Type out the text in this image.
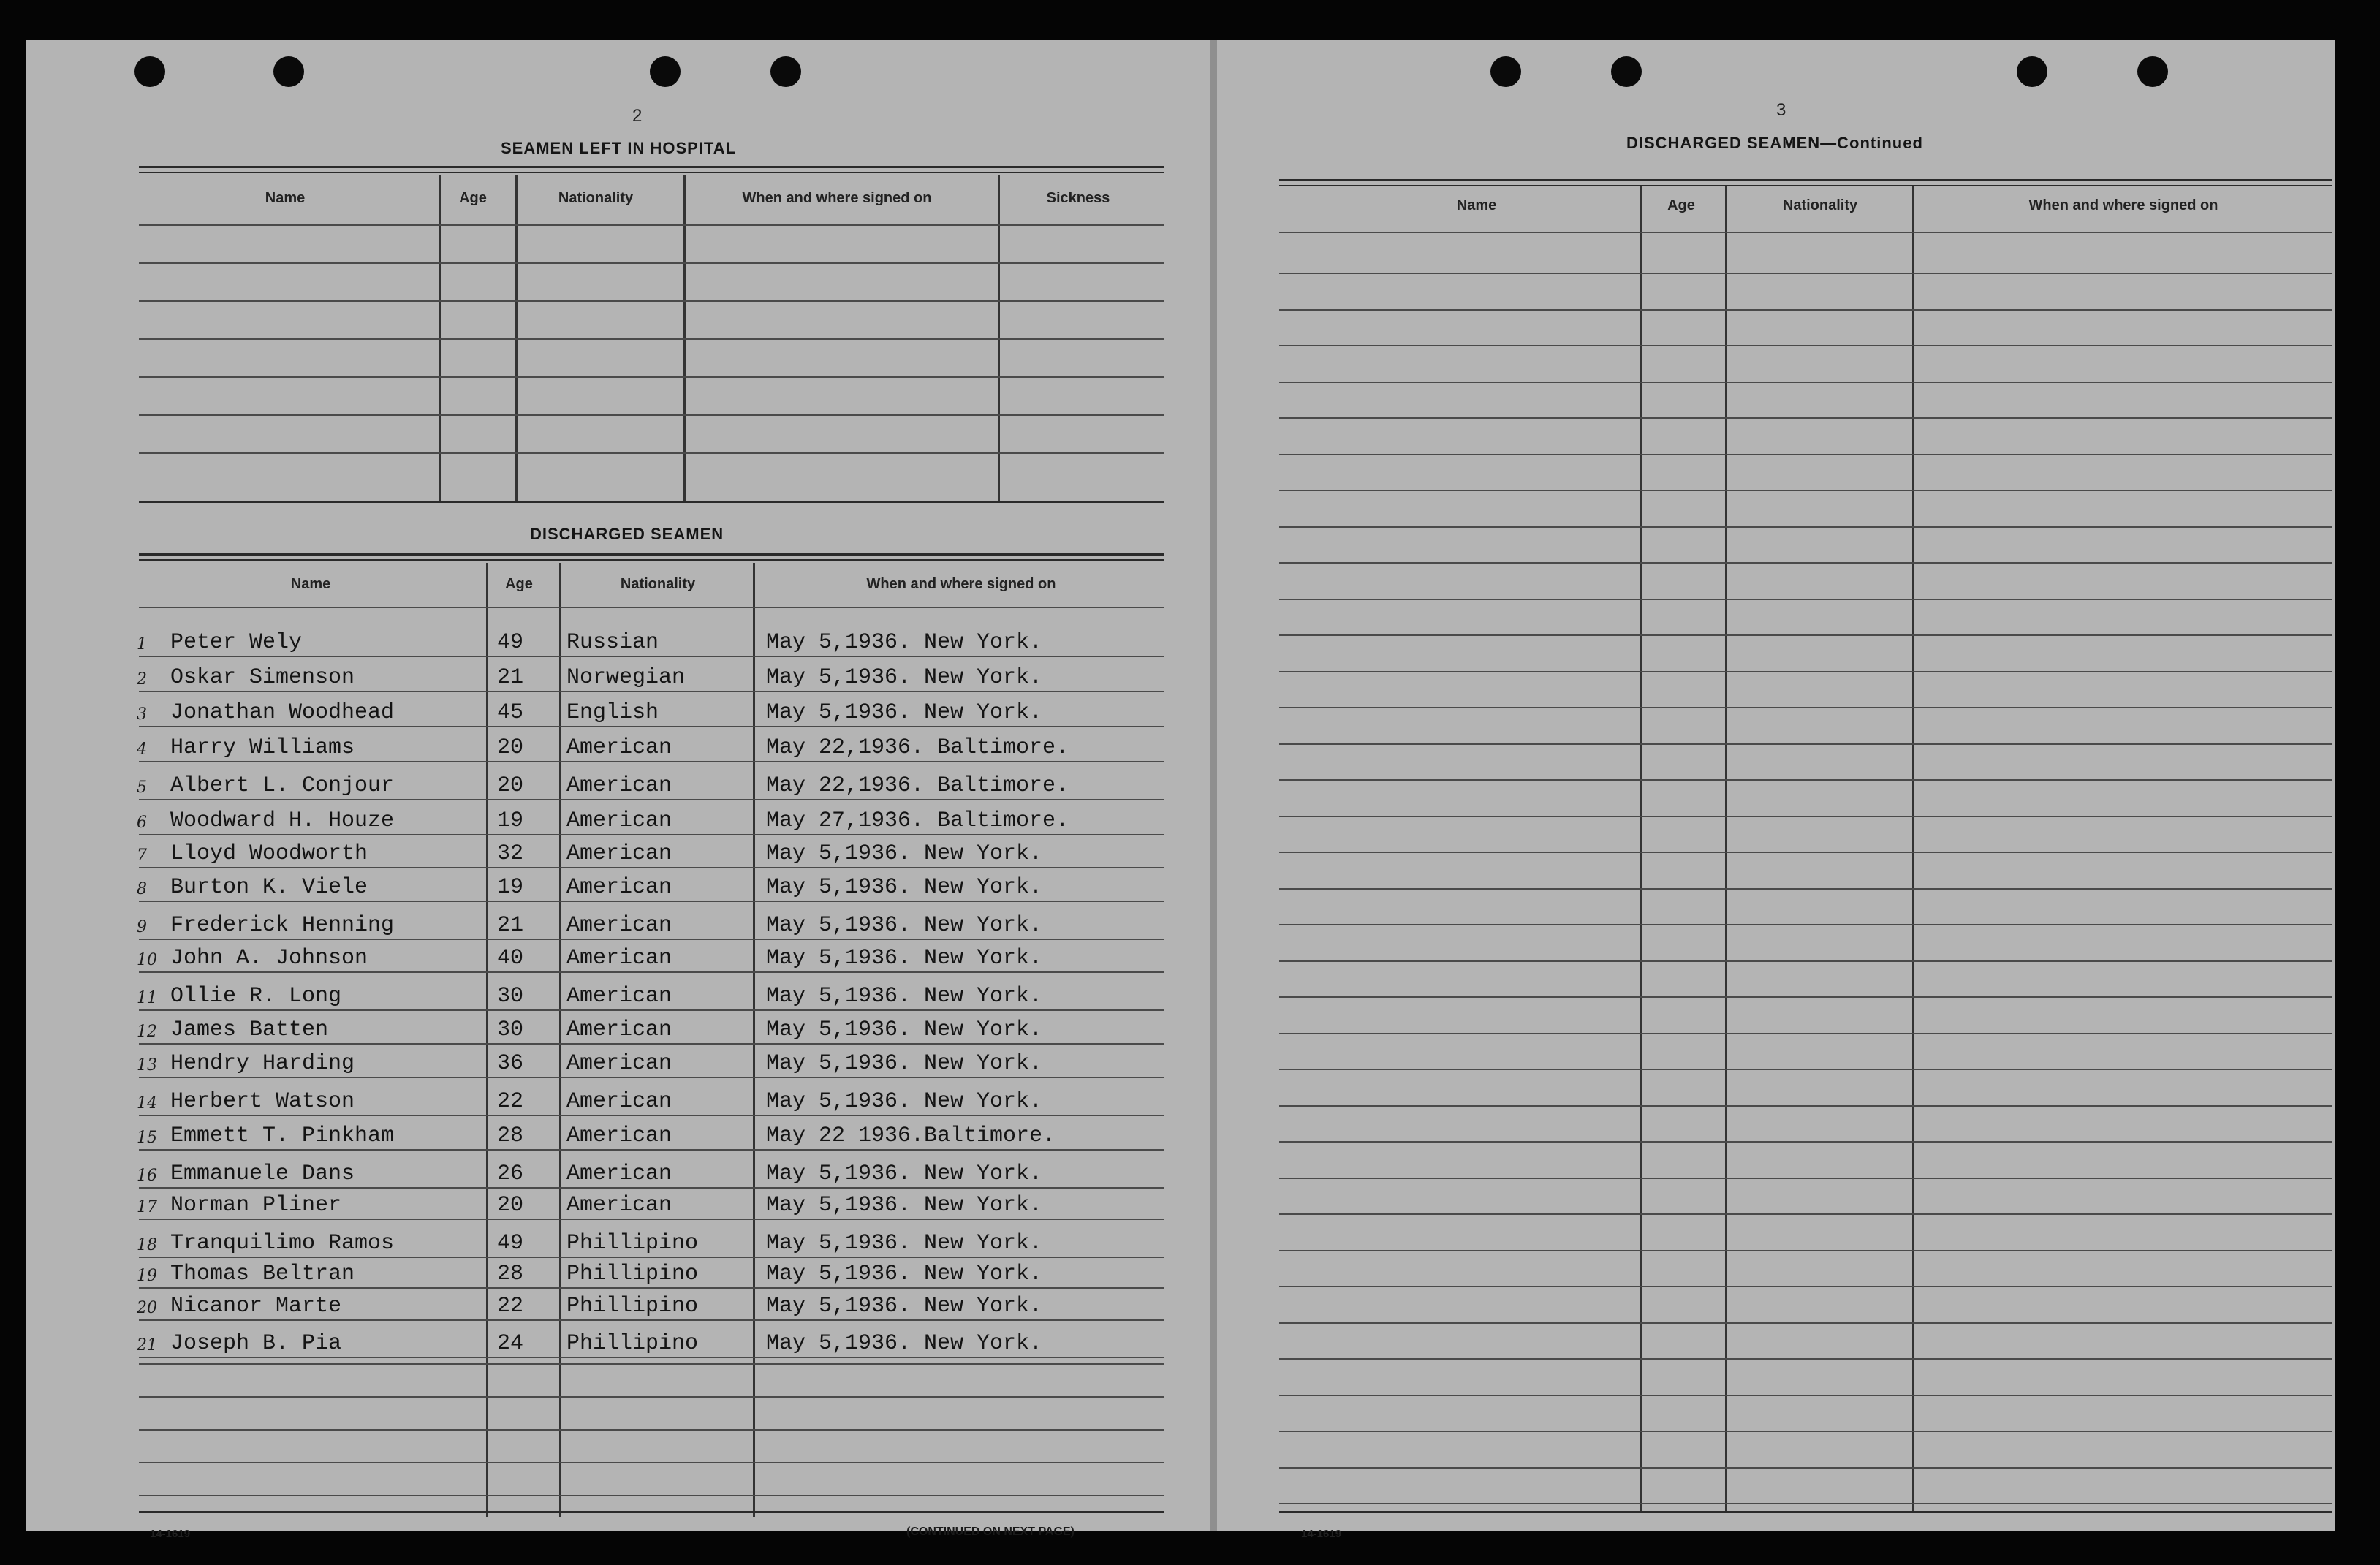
2
SEAMEN LEFT IN HOSPITAL
Name	Age	Nationality	When and where signed on	Sickness
DISCHARGED SEAMEN
Name	Age	Nationality	When and where signed on
1 Peter Wely	49 Russian	May 5,1936. New York.
2 Oskar Simenson	21 Norwegian	May 5,1936. New York.
3 Jonathan Woodhead	45 English	May 5,1936. New York.
4 Harry Williams	20 American	May 22,1936. Baltimore.
5 Albert L. Conjour	20 American	May 22,1936. Baltimore.
6 Woodward H. Houze	19 American	May 27,1936. Baltimore.
7 Lloyd Woodworth	32 American	May 5,1936. New York.
8 Burton K. Viele	19 American	May 5,1936. New York.
9 Frederick Henning	21 American	May 5,1936. New York.
10 John A. Johnson	40 American	May 5,1936. New York.
11 Ollie R. Long	30 American	May 5,1936. New York.
12 James Batten	30 American	May 5,1936. New York.
13 Hendry Harding	36 American	May 5,1936. New York.
14 Herbert Watson	22 American	May 5,1936. New York.
15 Emmett T. Pinkham	28 American	May 22 1936.Baltimore.
16 Emmanuele Dans	26 American	May 5,1936. New York.
17 Norman Pliner	20 American	May 5,1936. New York.
18 Tranquilimo Ramos	49 Phillipino	May 5,1936. New York.
19 Thomas Beltran	28 Phillipino	May 5,1936. New York.
20 Nicanor Marte	22 Phillipino	May 5,1936. New York.
21 Joseph B. Pia	24 Phillipino	May 5,1936. New York.
14-1619	(CONTINUED ON NEXT PAGE)
3
DISCHARGED SEAMEN—Continued
Name	Age	Nationality	When and where signed on
14-1619
